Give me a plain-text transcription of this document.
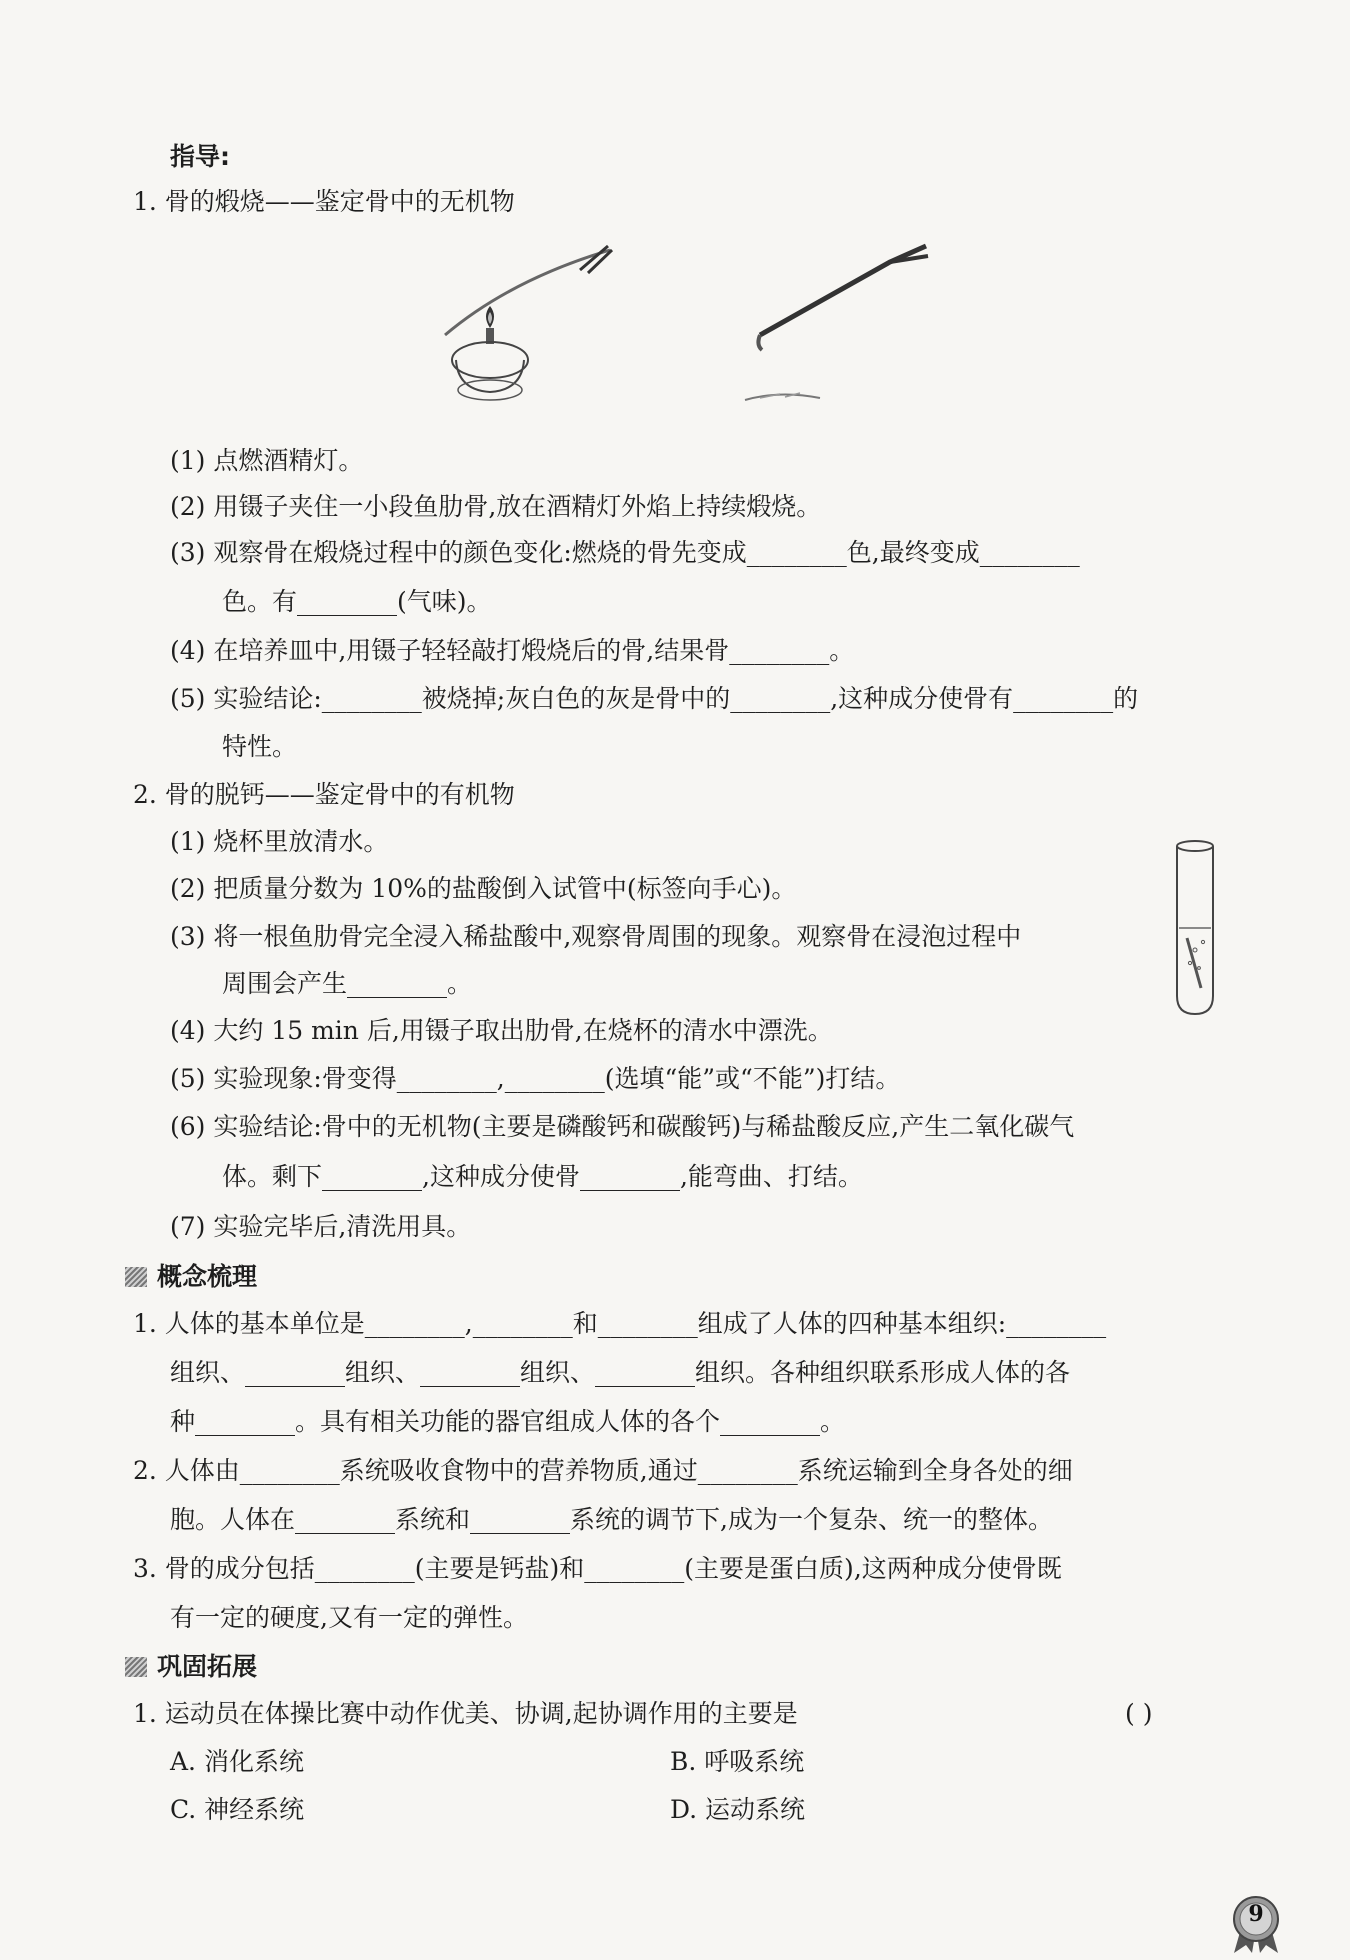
指导:
1. 骨的煅烧——鉴定骨中的无机物
(1) 点燃酒精灯。
(2) 用镊子夹住一小段鱼肋骨,放在酒精灯外焰上持续煅烧。
(3) 观察骨在煅烧过程中的颜色变化:燃烧的骨先变成________色,最终变成________
色。有________(气味)。
(4) 在培养皿中,用镊子轻轻敲打煅烧后的骨,结果骨________。
(5) 实验结论:________被烧掉;灰白色的灰是骨中的________,这种成分使骨有________的
特性。
2. 骨的脱钙——鉴定骨中的有机物
(1) 烧杯里放清水。
(2) 把质量分数为 10%的盐酸倒入试管中(标签向手心)。
(3) 将一根鱼肋骨完全浸入稀盐酸中,观察骨周围的现象。观察骨在浸泡过程中
周围会产生________。
(4) 大约 15 min 后,用镊子取出肋骨,在烧杯的清水中漂洗。
(5) 实验现象:骨变得________,________(选填“能”或“不能”)打结。
(6) 实验结论:骨中的无机物(主要是磷酸钙和碳酸钙)与稀盐酸反应,产生二氧化碳气
体。剩下________,这种成分使骨________,能弯曲、打结。
(7) 实验完毕后,清洗用具。
概念梳理
1. 人体的基本单位是________,________和________组成了人体的四种基本组织:________
组织、________组织、________组织、________组织。各种组织联系形成人体的各
种________。具有相关功能的器官组成人体的各个________。
2. 人体由________系统吸收食物中的营养物质,通过________系统运输到全身各处的细
胞。人体在________系统和________系统的调节下,成为一个复杂、统一的整体。
3. 骨的成分包括________(主要是钙盐)和________(主要是蛋白质),这两种成分使骨既
有一定的硬度,又有一定的弹性。
巩固拓展
1. 运动员在体操比赛中动作优美、协调,起协调作用的主要是	( )
A. 消化系统	B. 呼吸系统
C. 神经系统	D. 运动系统
9
